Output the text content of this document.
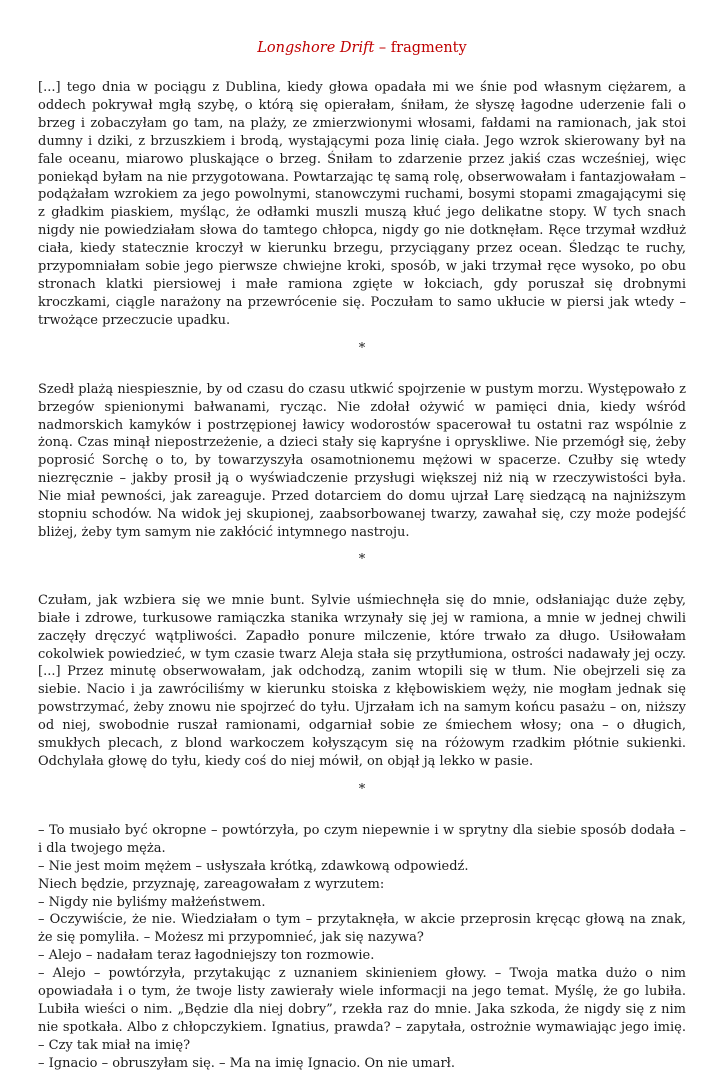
Longshore Drift – fragmenty

[...] tego dnia w pociągu z Dublina, kiedy głowa opadała mi we śnie pod własnym ciężarem, a oddech pokrywał mgłą szybę, o którą się opierałam, śniłam, że słyszę łagodne uderzenie fali o brzeg i zobaczyłam go tam, na plaży, ze zmierzwionymi włosami, fałdami na ramionach, jak stoi dumny i dziki, z brzuszkiem i brodą, wystającymi poza linię ciała. Jego wzrok skierowany był na fale oceanu, miarowo pluskające o brzeg. Śniłam to zdarzenie przez jakiś czas wcześniej, więc poniekąd byłam na nie przygotowana. Powtarzając tę samą rolę, obserwowałam i fantazjowałam – podążałam wzrokiem za jego powolnymi, stanowczymi ruchami, bosymi stopami zmagającymi się z gładkim piaskiem, myśląc, że odłamki muszli muszą kłuć jego delikatne stopy. W tych snach nigdy nie powiedziałam słowa do tamtego chłopca, nigdy go nie dotknęłam. Ręce trzymał wzdłuż ciała, kiedy statecznie kroczył w kierunku brzegu, przyciągany przez ocean. Śledząc te ruchy, przypomniałam sobie jego pierwsze chwiejne kroki, sposób, w jaki trzymał ręce wysoko, po obu stronach klatki piersiowej i małe ramiona zgięte w łokciach, gdy poruszał się drobnymi kroczkami, ciągle narażony na przewrócenie się. Poczułam to samo ukłucie w piersi jak wtedy – trwożące przeczucie upadku.

*

Szedł plażą niespiesznie, by od czasu do czasu utkwić spojrzenie w pustym morzu. Występowało z brzegów spienionymi bałwanami, rycząc. Nie zdołał ożywić w pamięci dnia, kiedy wśród nadmorskich kamyków i postrzępionej ławicy wodorostów spacerował tu ostatni raz wspólnie z żoną. Czas minął niepostrzeżenie, a dzieci stały się kapryśne i opryskliwe. Nie przemógł się, żeby poprosić Sorchę o to, by towarzyszyła osamotnionemu mężowi w spacerze. Czułby się wtedy niezręcznie – jakby prosił ją o wyświadczenie przysługi większej niż nią w rzeczywistości była. Nie miał pewności, jak zareaguje. Przed dotarciem do domu ujrzał Larę siedzącą na najniższym stopniu schodów. Na widok jej skupionej, zaabsorbowanej twarzy, zawahał się, czy może podejść bliżej, żeby tym samym nie zakłócić intymnego nastroju.

*

Czułam, jak wzbiera się we mnie bunt. Sylvie uśmiechnęła się do mnie, odsłaniając duże zęby, białe i zdrowe, turkusowe ramiączka stanika wrzynały się jej w ramiona, a mnie w jednej chwili zaczęły dręczyć wątpliwości. Zapadło ponure milczenie, które trwało za długo. Usiłowałam cokolwiek powiedzieć, w tym czasie twarz Aleja stała się przytłumiona, ostrości nadawały jej oczy. [...] Przez minutę obserwowałam, jak odchodzą, zanim wtopili się w tłum. Nie obejrzeli się za siebie. Nacio i ja zawróciliśmy w kierunku stoiska z kłębowiskiem węży, nie mogłam jednak się powstrzymać, żeby znowu nie spojrzeć do tyłu. Ujrzałam ich na samym końcu pasażu – on, niższy od niej, swobodnie ruszał ramionami, odgarniał sobie ze śmiechem włosy; ona – o długich, smukłych plecach, z blond warkoczem kołyszącym się na różowym rzadkim płótnie sukienki. Odchylała głowę do tyłu, kiedy coś do niej mówił, on objął ją lekko w pasie.

*

– To musiało być okropne – powtórzyła, po czym niepewnie i w sprytny dla siebie sposób dodała – i dla twojego męża.

– Nie jest moim mężem – usłyszała krótką, zdawkową odpowiedź.

Niech będzie, przyznaję, zareagowałam z wyrzutem:

– Nigdy nie byliśmy małżeństwem.

– Oczywiście, że nie. Wiedziałam o tym – przytaknęła, w akcie przeprosin kręcąc głową na znak, że się pomyliła. – Możesz mi przypomnieć, jak się nazywa?

– Alejo – nadałam teraz łagodniejszy ton rozmowie.

– Alejo – powtórzyła, przytakując z uznaniem skinieniem głowy. – Twoja matka dużo o nim opowiadała i o tym, że twoje listy zawierały wiele informacji na jego temat. Myślę, że go lubiła. Lubiła wieści o nim. „Będzie dla niej dobry”, rzekła raz do mnie. Jaka szkoda, że nigdy się z nim nie spotkała. Albo z chłopczykiem. Ignatius, prawda? – zapytała, ostrożnie wymawiając jego imię. – Czy tak miał na imię?

– Ignacio – obruszyłam się. – Ma na imię Ignacio. On nie umarł.
